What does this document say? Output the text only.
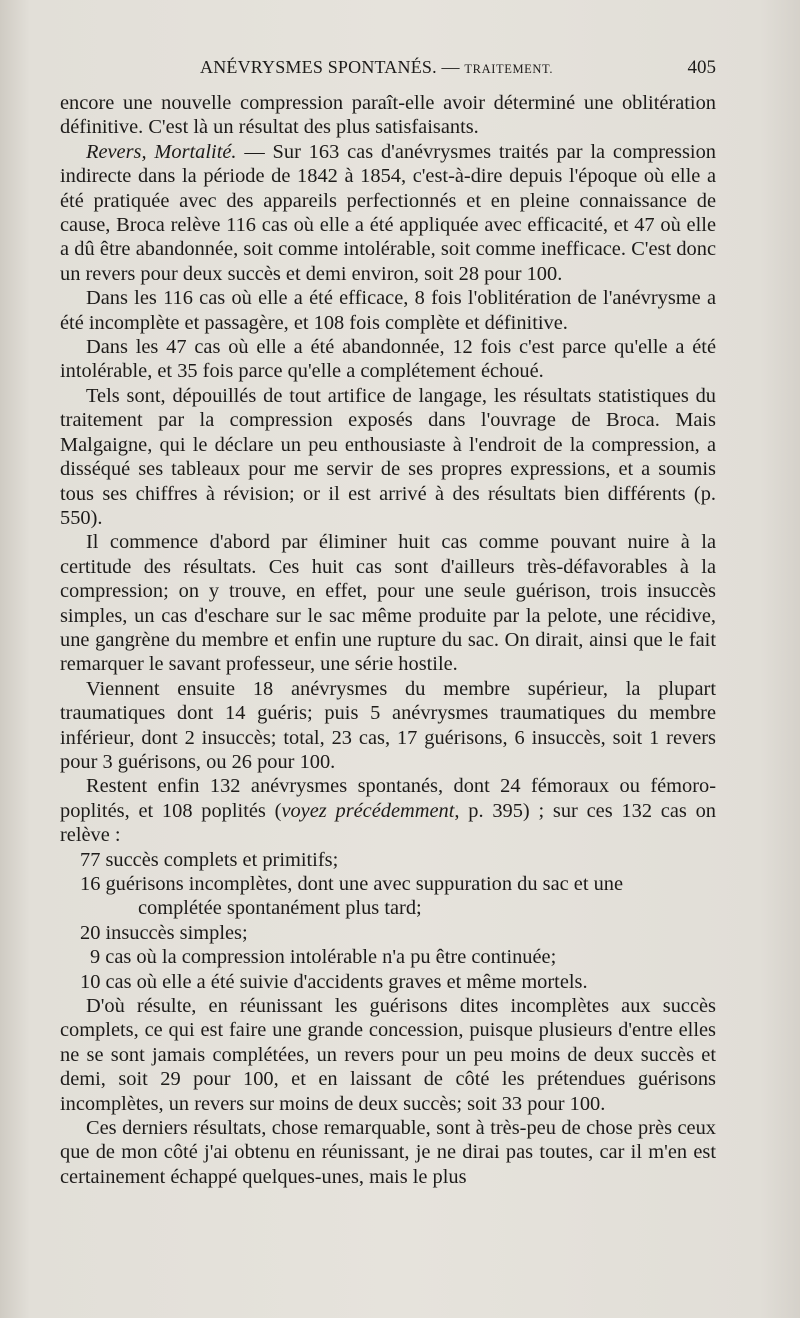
ANÉVRYSMES SPONTANÉS. — TRAITEMENT.	405

encore une nouvelle compression paraît-elle avoir déterminé une oblitération définitive. C'est là un résultat des plus satisfaisants.

Revers, Mortalité. — Sur 163 cas d'anévrysmes traités par la compression indirecte dans la période de 1842 à 1854, c'est-à-dire depuis l'époque où elle a été pratiquée avec des appareils perfectionnés et en pleine connaissance de cause, Broca relève 116 cas où elle a été appliquée avec efficacité, et 47 où elle a dû être abandonnée, soit comme intolérable, soit comme inefficace. C'est donc un revers pour deux succès et demi environ, soit 28 pour 100.

Dans les 116 cas où elle a été efficace, 8 fois l'oblitération de l'anévrysme a été incomplète et passagère, et 108 fois complète et définitive.

Dans les 47 cas où elle a été abandonnée, 12 fois c'est parce qu'elle a été intolérable, et 35 fois parce qu'elle a complétement échoué.

Tels sont, dépouillés de tout artifice de langage, les résultats statistiques du traitement par la compression exposés dans l'ouvrage de Broca. Mais Malgaigne, qui le déclare un peu enthousiaste à l'endroit de la compression, a disséqué ses tableaux pour me servir de ses propres expressions, et a soumis tous ses chiffres à révision; or il est arrivé à des résultats bien différents (p. 550).

Il commence d'abord par éliminer huit cas comme pouvant nuire à la certitude des résultats. Ces huit cas sont d'ailleurs très-défavorables à la compression; on y trouve, en effet, pour une seule guérison, trois insuccès simples, un cas d'eschare sur le sac même produite par la pelote, une récidive, une gangrène du membre et enfin une rupture du sac. On dirait, ainsi que le fait remarquer le savant professeur, une série hostile.

Viennent ensuite 18 anévrysmes du membre supérieur, la plupart traumatiques dont 14 guéris; puis 5 anévrysmes traumatiques du membre inférieur, dont 2 insuccès; total, 23 cas, 17 guérisons, 6 insuccès, soit 1 revers pour 3 guérisons, ou 26 pour 100.

Restent enfin 132 anévrysmes spontanés, dont 24 fémoraux ou fémoro-poplités, et 108 poplités (voyez précédemment, p. 395) ; sur ces 132 cas on relève :

77 succès complets et primitifs;

16 guérisons incomplètes, dont une avec suppuration du sac et une
complétée spontanément plus tard;

20 insuccès simples;

9 cas où la compression intolérable n'a pu être continuée;

10 cas où elle a été suivie d'accidents graves et même mortels.

D'où résulte, en réunissant les guérisons dites incomplètes aux succès complets, ce qui est faire une grande concession, puisque plusieurs d'entre elles ne se sont jamais complétées, un revers pour un peu moins de deux succès et demi, soit 29 pour 100, et en laissant de côté les prétendues guérisons incomplètes, un revers sur moins de deux succès; soit 33 pour 100.

Ces derniers résultats, chose remarquable, sont à très-peu de chose près ceux que de mon côté j'ai obtenu en réunissant, je ne dirai pas toutes, car il m'en est certainement échappé quelques-unes, mais le plus
